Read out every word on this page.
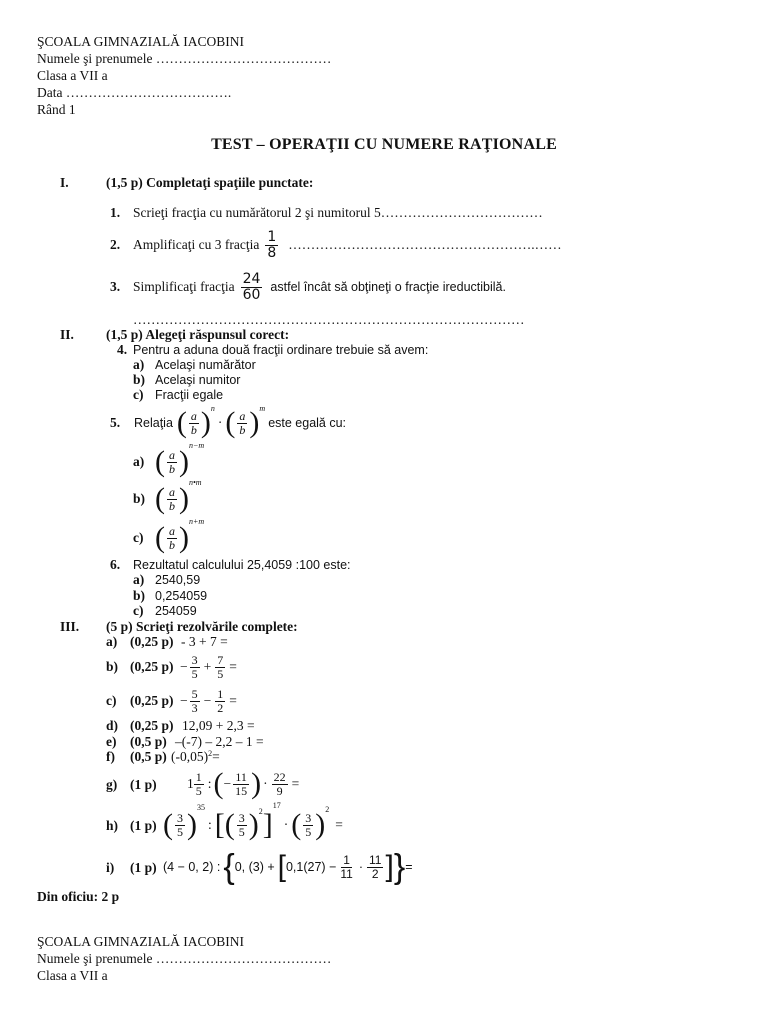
ŞCOALA GIMNAZIALĂ IACOBINI
Numele şi prenumele …………………………………
Clasa a VII a
Data ……………………………….
Rând 1
TEST – OPERAŢII CU NUMERE RAŢIONALE
I.	(1,5 p) Completaţi spaţiile punctate:
1. Scrieţi fracţia cu numărătorul 2 şi numitorul 5………………………………
2. Amplificaţi cu 3 fracţia $\frac{1}{8}$ ……………………………………………….……
3. Simplificaţi fracţia $\frac{24}{60}$ astfel încât să obţineţi o fracţie ireductibilă.
……………………………………………………………………………
II. (1,5 p) Alegeţi răspunsul corect:
4. Pentru a aduna două fracţii ordinare trebuie să avem:
a) Acelaşi numărător
b) Acelaşi numitor
c) Fracţii egale
5. Relaţia ( $\frac{a}{b}$ ) n
· ( $\frac{a}{b}$ ) m
este egală cu:
a) ( $\frac{a}{b}$ ) n−m
b) ( $\frac{a}{b}$ ) n•m
c) ( $\frac{a}{b}$ ) n+m
6. Rezultatul calculului 25,4059 :100 este:
a) 2540,59
b) 0,254059
c) 254059
III. (5 p) Scrieţi rezolvările complete:
a) (0,25 p) - 3 + 7 =
b) (0,25 $p) - \frac{3}{5} + \frac{7}{5}$ =
c) (0,25 $p) - \frac{5}{3} - \frac{1}{2}$ =
d) (0,25 p) 12,09 + 2,3 =
e) (0,5 p) –(-7) – 2,2 – 1 =
f) (0,5 p) $(-0,05)^2=$
g) (1 p) $1 \frac{1}{5}$ : ( − $\frac{11}{15}$ ) · $\frac{22}{9}$ =
h) (1 p) ( $\frac{3}{5}$ )
35
: [ ( $\frac{3}{5}$ ) 2 ]
17
· ( $\frac{3}{5}$ ) 2
=
i) (1 p) (4 − 0, 2) : { 0, (3) + [ $0,1(27) - \frac{1}{11} \cdot \frac{11}{2}$ ] } =
Din oficiu: 2 p
ŞCOALA GIMNAZIALĂ IACOBINI
Numele şi prenumele …………………………………
Clasa a VII a
